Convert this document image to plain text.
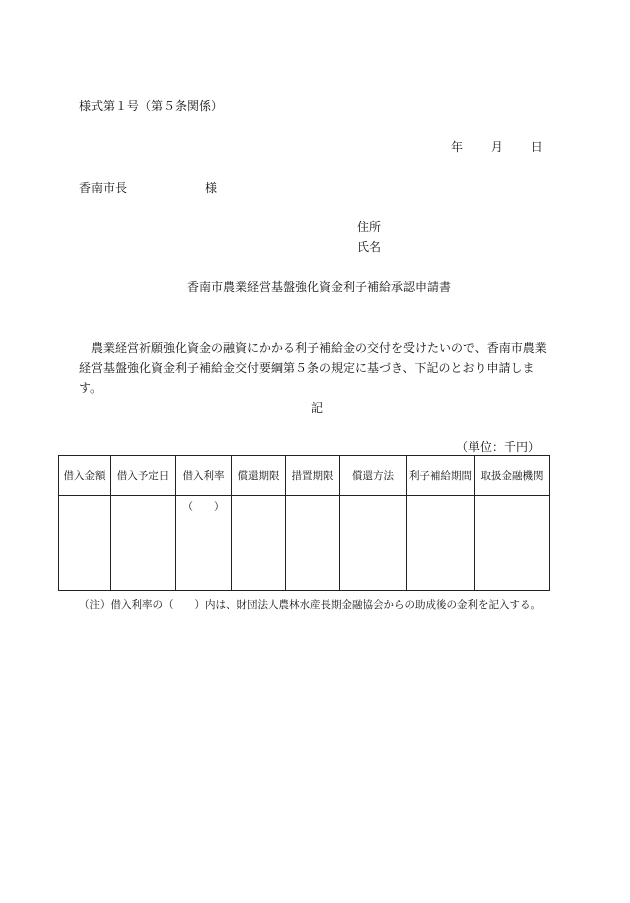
様式第１号（第５条関係）
年 月 日
香南市長	様
住所
氏名
香南市農業経営基盤強化資金利子補給承認申請書
農業経営祈願強化資金の融資にかかる利子補給金の交付を受けたいので、香南市農業経営基盤強化資金利子補給金交付要綱第５条の規定に基づき、下記のとおり申請します。
記
（単位：千円）
借入金額	借入予定日	借入利率	償還期限	措置期限	償還方法	利子補給期間	取扱金融機関

		（　　）					

（注）借入利率の（　　）内は、財団法人農林水産長期金融協会からの助成後の金利を記入する。
